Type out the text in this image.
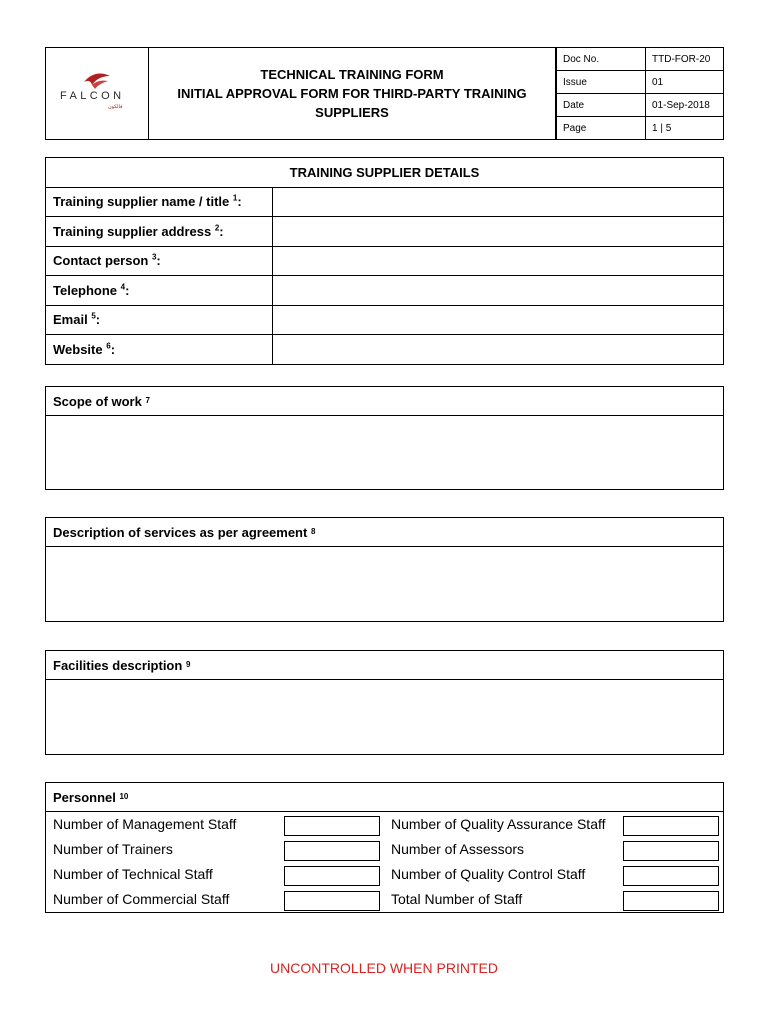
FALCON
فالكون
TECHNICAL TRAINING FORM
INITIAL APPROVAL FORM FOR THIRD-PARTY TRAINING
SUPPLIERS
Doc No.	TTD-FOR-20
Issue	01
Date	01-Sep-2018
Page	1 | 5
TRAINING SUPPLIER DETAILS	
Training supplier name / title $^1$:	
Training supplier address $^2$:	
Contact person $^3$:	
Telephone $^4$:	
Email $^5$:	
Website $^6$:	
Scope of work
7
Description of services as per agreement
8
Facilities description
9
Personnel
10
Number of Management Staff	Number of Quality Assurance Staff
Number of Trainers	Number of Assessors
Number of Technical Staff	Number of Quality Control Staff
Number of Commercial Staff	Total Number of Staff
UNCONTROLLED WHEN PRINTED
